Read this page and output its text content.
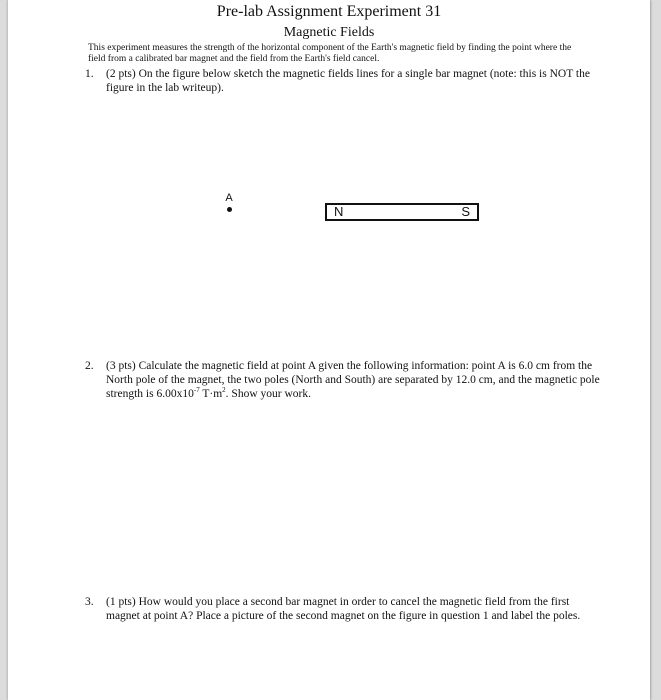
Pre-lab Assignment Experiment 31
Magnetic Fields
This experiment measures the strength of the horizontal component of the Earth's magnetic field by finding the point where the field from a calibrated bar magnet and the field from the Earth's field cancel.
1. (2 pts) On the figure below sketch the magnetic fields lines for a single bar magnet (note: this is NOT the figure in the lab writeup).
A
N	S
2. (3 pts) Calculate the magnetic field at point A given the following information: point A is 6.0 cm from the North pole of the magnet, the two poles (North and South) are separated by 12.0 cm, and the magnetic pole strength is $6.00x10^{-7}$ $T\cdot m^2$. Show your work.
3. (1 pts) How would you place a second bar magnet in order to cancel the magnetic field from the first magnet at point A? Place a picture of the second magnet on the figure in question 1 and label the poles.
